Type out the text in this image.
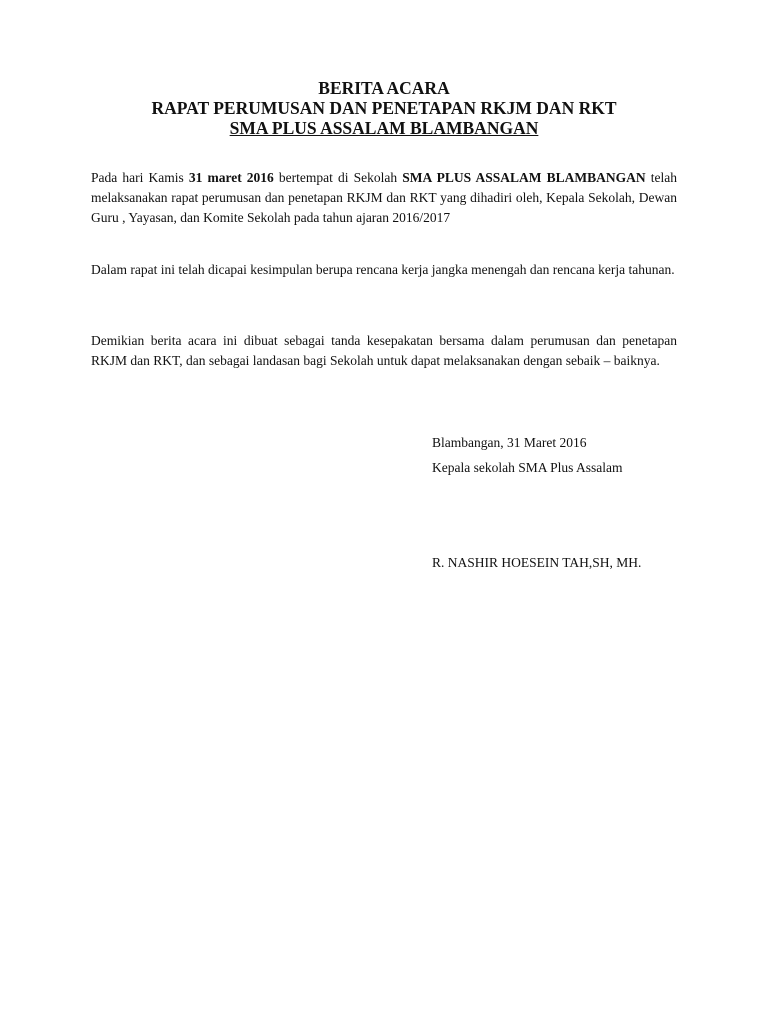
BERITA ACARA
RAPAT PERUMUSAN DAN PENETAPAN RKJM DAN RKT
SMA PLUS ASSALAM BLAMBANGAN
Pada hari Kamis 31 maret 2016 bertempat di Sekolah SMA PLUS ASSALAM BLAMBANGAN telah melaksanakan rapat perumusan dan penetapan RKJM dan RKT yang dihadiri oleh, Kepala Sekolah, Dewan Guru , Yayasan, dan Komite Sekolah pada tahun ajaran 2016/2017
Dalam rapat ini telah dicapai kesimpulan berupa rencana kerja jangka menengah dan rencana kerja tahunan.
Demikian berita acara ini dibuat sebagai tanda kesepakatan bersama dalam perumusan dan penetapan RKJM dan RKT, dan sebagai landasan bagi Sekolah untuk dapat melaksanakan dengan sebaik – baiknya.
Blambangan, 31 Maret 2016
Kepala sekolah SMA Plus Assalam
R. NASHIR HOESEIN TAH,SH, MH.
